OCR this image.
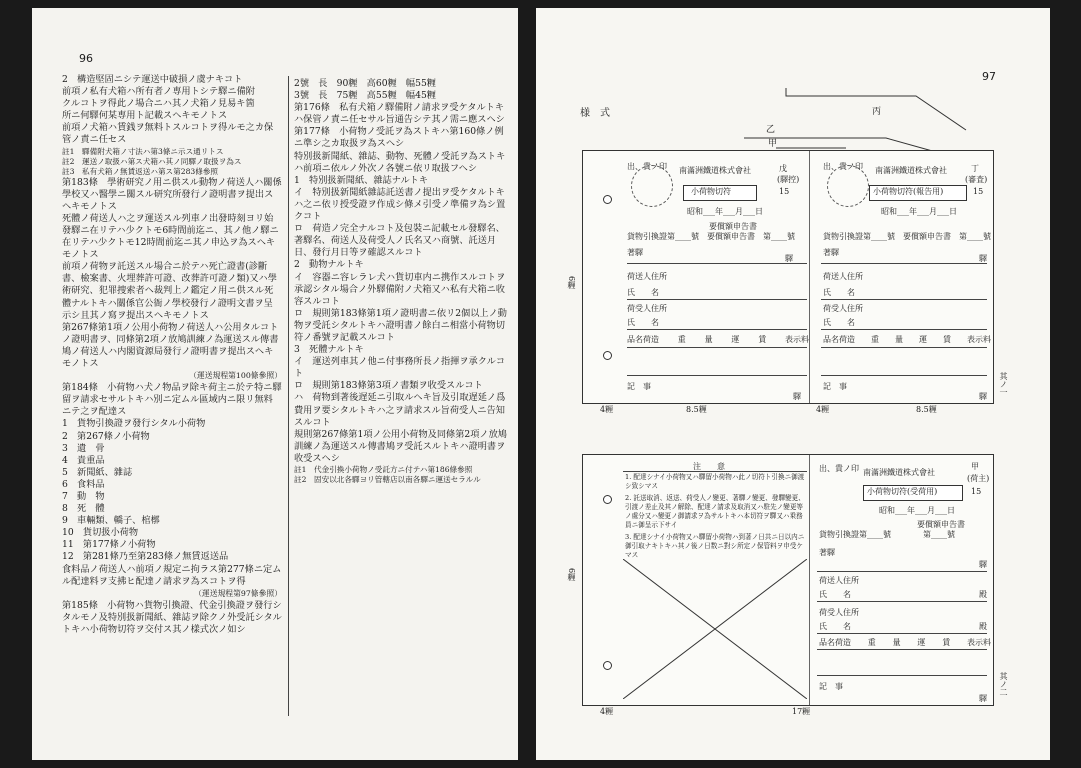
96

2　構造堅固ニシテ運送中破損ノ虞ナキコト

前項ノ私有犬箱ハ所有者ノ専用トシテ驛ニ備附

クルコトヲ得此ノ場合ニハ其ノ犬箱ノ見易キ箇

所ニ何驛何某専用ト記載スヘキモノトス

前項ノ犬箱ハ賃銭ヲ無料トスルコトヲ得ルモ之カ保管ノ責ニ任セス

註1　驛備附犬箱ノ寸法ハ第3條ニ示ス通リトス

註2　運送ノ取扱ハ第ス犬箱ハ其ノ同驛ノ取扱ヲ為ス

註3　私有犬箱ノ無賃返送ハ第ス第283條參照

第183條　學術研究ノ用ニ供スル動物ノ荷送人ハ關係學校又ハ醫學ニ關スル研究所發行ノ證明書ヲ提出スヘキモノトス

死體ノ荷送人ハ之ヲ運送スル列車ノ出發時刻ヨリ始發驛ニ在リテハ少クトモ6時間前迄ニ、其ノ他ノ驛ニ在リテハ少クトモ12時間前迄ニ其ノ申込ヲ為スヘキモノトス

前項ノ荷物ヲ託送スル場合ニ於テハ死亡證書(診斷書、檢案書、火埋葬許可證、改葬許可證ノ類)又ハ學術研究、犯罪捜索者ヘ裁判上ノ鑑定ノ用ニ供スル死體ナルトキハ關係官公衙ノ學校發行ノ證明文書ヲ呈示シ且其ノ寫ヲ提出スヘキモノトス

第267條第1項ノ公用小荷物ノ荷送人ハ公用タルコトノ證明書ヲ、同條第2項ノ放鳩訓練ノ為運送スル傳書鳩ノ荷送人ハ内閣資源局發行ノ證明書ヲ提出スヘキモノトス

（運送規程第100條參照）

第184條　小荷物ハ犬ノ物品ヲ除キ荷主ニ於テ特ニ驛留ヲ請求セサルトキハ別ニ定ムル區域内ニ限リ無料ニテ之ヲ配達ス

1　貨物引換證ヲ發行シタル小荷物

2　第267條ノ小荷物

3　遺　骨

4　貴重品

5　新聞紙、雜誌

6　食料品

7　動　物

8　死　體

9　車輛類、轎子、棺槨

10　貨切扱小荷物

11　第177條ノ小荷物

12　第281條乃至第283條ノ無賃返送品

食料品ノ荷送人ハ前項ノ規定ニ拘ラス第277條ニ定ムル配達料ヲ支拂ヒ配達ノ請求ヲ為スコトヲ得

（運送規程第97條參照）

第185條　小荷物ハ貨物引換證、代金引換證ヲ發行シタルモノ及特別扱新聞紙、雜誌ヲ除クノ外受託シタルトキハ小荷物切符ヲ交付ス其ノ樣式次ノ如シ

2號　長　90糎　高60糎　幅55糎

3號　長　75糎　高55糎　幅45糎

第176條　私有犬箱ノ驛備附ノ請求ヲ受ケタルトキハ保管ノ責ニ任セサル旨通告シテ其ノ需ニ應スヘシ

第177條　小荷物ノ受託ヲ為ストキハ第160條ノ例ニ準シ之カ取扱ヲ為スヘシ

特別扱新聞紙、雜誌、動物、死體ノ受託ヲ為ストキハ前項ニ依ルノ外次ノ各號ニ依リ取扱フヘシ

1　特別扱新聞紙、雜誌ナルトキ

イ　特別扱新聞紙雜誌託送書ノ提出ヲ受ケタルトキハ之ニ依リ授受證ヲ作成シ條メ引受ノ準備ヲ為シ置クコト

ロ　荷造ノ完全ナルコト及包裝ニ記載セル發驛名、著驛名、荷送人及荷受人ノ氏名又ハ商號、託送月日、發行月日等ヲ確認スルコト

2　動物ナルトキ

イ　容器ニ容レラレ犬ハ貨切車内ニ携作スルコトヲ承認シタル場合ノ外驛備附ノ犬箱又ハ私有犬箱ニ收容スルコト

ロ　規則第183條第1項ノ證明書ニ依リ2個以上ノ動物ヲ受託シタルトキハ證明書ノ餘白ニ相當小荷物切符ノ番號ヲ記載スルコト

3　死體ナルトキ

イ　運送列車其ノ他ニ付事務所長ノ指揮ヲ承クルコト

ロ　規則第183條第3項ノ書類ヲ收受スルコト

ハ　荷物到著後遅延ニ引取ルヘキ旨及引取遅延ノ爲費用ヲ要シタルトキハ之ヲ請求スル旨荷受人ニ告知スルコト

規則第267條第1項ノ公用小荷物及同條第2項ノ放鳩訓練ノ為運送スル傳書鳩ヲ受託スルトキハ證明書ヲ收受スヘシ

註1　代金引換小荷物ノ受託方ニ付テハ第186條參照

註2　固安以北各驛ヨリ管轄店以南各驛ニ運送セラルル

97
様　式	丙
乙
甲
出、貴ノ印 南滿洲鐵道株式會社	戊
(驛控)
小荷物切符	15
昭和___年___月___日
要償額申告書
貨物引換證第____號　要償額申告書　第____號
著驛
驛
荷送人住所
氏　　名
荷受人住所
氏　　名
品名荷造 重 量 運 賃 表示料
記　事
驛
出、貴ノ印 南滿洲鐵道株式會社	丁
(審査)
小荷物切符(報告用)	15
昭和___年___月___日
貨物引換證第____號　要償額申告書　第____號
著驛
驛
荷送人住所
氏　　名
荷受人住所
氏　　名
品名荷造 重 量 運 賃 表示料
記　事
驛
4糎	8.5糎	4糎	8.5糎
6糎
其ノ一
注　　意
1. 配達シナイ小荷物又ハ驛留小荷物ハ此ノ切符ト引換ニ御渡シ致シマス
2. 託送取消、返送、荷受人ノ變更、著驛ノ變更、發驛變更、引渡ノ差止及其ノ解除、配達ノ請求及取消又ハ駐先ノ變更等ノ處分又ハ變更ノ御請求ヲ為サルトキハ本切符ヲ驛又ハ乗務員ニ御呈示下サイ
3. 配達シナイ小荷物又ハ驛留小荷物ハ到著ノ日共ニ日以内ニ御引取ナキトキハ其ノ後ノ日数ニ對シ所定ノ保管料ヲ申受ケマス
出、貴ノ印 南滿洲鐵道株式會社
甲
(荷主)
小荷物切符(受荷用)	15
昭和___年___月___日
要償額申告書
貨物引換證第____號	第____號
著驛
驛
荷送人住所
氏　　名	殿
荷受人住所
氏　　名	殿
品名荷造 重 量 運 賃 表示料
記　事
驛
4糎	17糎
6糎
其ノ二
